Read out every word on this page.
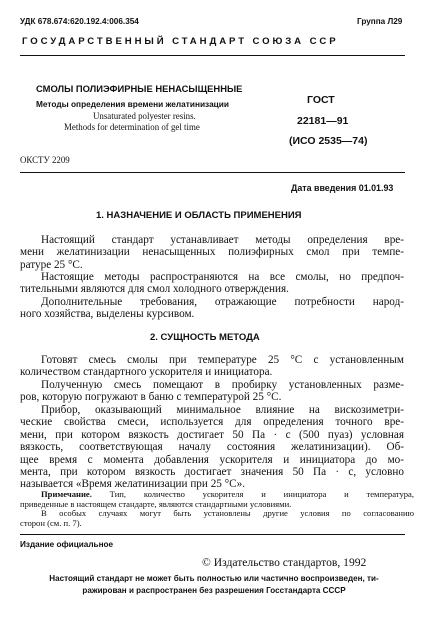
УДК 678.674:620.192.4:006.354	Группа Л29
ГОСУДАРСТВЕННЫЙ СТАНДАРТ СОЮЗА ССР
СМОЛЫ ПОЛИЭФИРНЫЕ НЕНАСЫЩЕННЫЕ
Методы определения времени желатинизации
Unsaturated polyester resins.
Methods for determination of gel time
ГОСТ
22181—91
(ИСО 2535—74)
ОКСТУ 2209
Дата введения 01.01.93
1. НАЗНАЧЕНИЕ И ОБЛАСТЬ ПРИМЕНЕНИЯ
Настоящий стандарт устанавливает методы определения вре-
мени желатинизации ненасыщенных полиэфирных смол при темпе-
ратуре 25 °С.
Настоящие методы распространяются на все смолы, но предпоч-
тительными являются для смол холодного отверждения.
Дополнительные требования, отражающие потребности народ-
ного хозяйства, выделены курсивом.
2. СУЩНОСТЬ МЕТОДА
Готовят смесь смолы при температуре 25 °С с установленным
количеством стандартного ускорителя и инициатора.
Полученную смесь помещают в пробирку установленных разме-
ров, которую погружают в баню с температурой 25 °С.
Прибор, оказывающий минимальное влияние на вискозиметри-
ческие свойства смеси, используется для определения точного вре-
мени, при котором вязкость достигает 50 Па · с (500 пуаз) условная
вязкость, соответствующая началу состояния желатинизации). Об-
щее время с момента добавления ускорителя и инициатора до мо-
мента, при котором вязкость достигает значения 50 Па · с, условно
называется «Время желатинизации при 25 °С».
Примечание. Тип, количество ускорителя и инициатора и температура,
приведенные в настоящем стандарте, являются стандартными условиями.
В особых случаях могут быть установлены другие условия по согласованию
сторон (см. п. 7).
Издание официальное
© Издательство стандартов, 1992
Настоящий стандарт не может быть полностью или частично воспроизведен, ти-
ражирован и распространен без разрешения Госстандарта СССР
